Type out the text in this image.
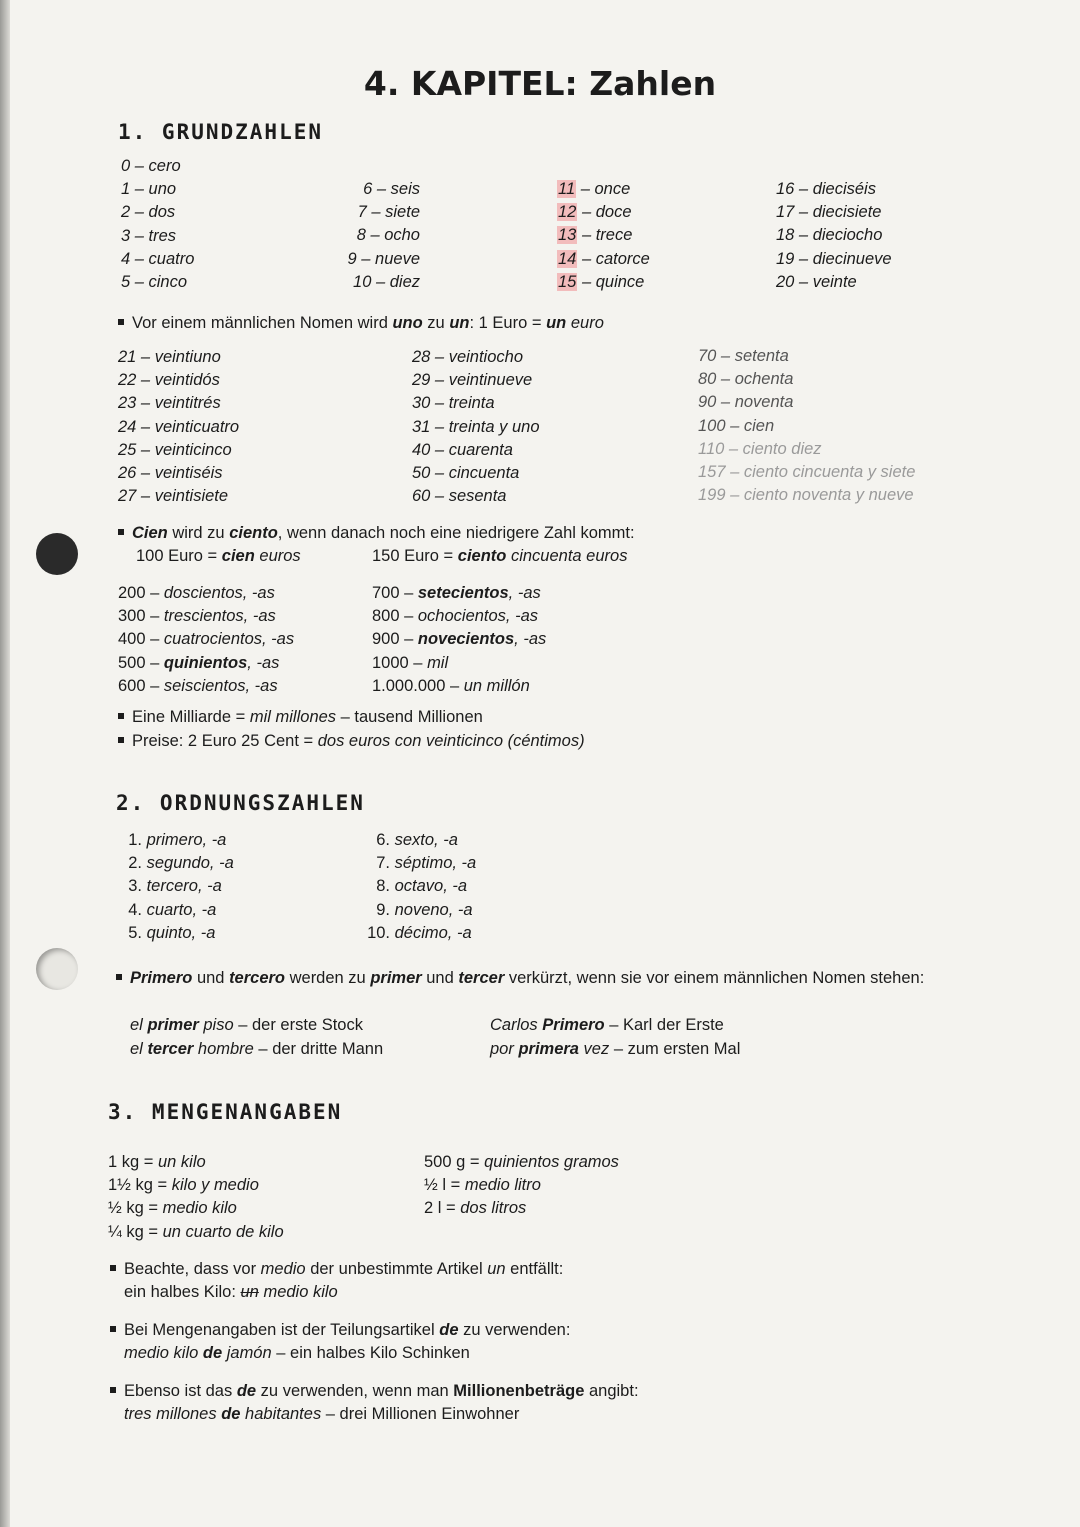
4. KAPITEL: Zahlen
1. GRUNDZAHLEN
0 – cero
1 – uno
2 – dos
3 – tres
4 – cuatro
5 – cinco
6 – seis
7 – siete
8 – ocho
9 – nueve
10 – diez
11 – once
12 – doce
13 – trece
14 – catorce
15 – quince
16 – dieciséis
17 – diecisiete
18 – dieciocho
19 – diecinueve
20 – veinte
Vor einem männlichen Nomen wird uno zu un: 1 Euro = un euro
21 – veintiuno
22 – veintidós
23 – veintitrés
24 – veinticuatro
25 – veinticinco
26 – veintiséis
27 – veintisiete
28 – veintiocho
29 – veintinueve
30 – treinta
31 – treinta y uno
40 – cuarenta
50 – cincuenta
60 – sesenta
70 – setenta
80 – ochenta
90 – noventa
100 – cien
110 – ciento diez
157 – ciento cincuenta y siete
199 – ciento noventa y nueve
Cien wird zu ciento, wenn danach noch eine niedrigere Zahl kommt:
100 Euro = cien euros	150 Euro = ciento cincuenta euros
200 – doscientos, -as
300 – trescientos, -as
400 – cuatrocientos, -as
500 – quinientos, -as
600 – seiscientos, -as
700 – setecientos, -as
800 – ochocientos, -as
900 – novecientos, -as
1000 – mil
1.000.000 – un millón
Eine Milliarde = mil millones – tausend Millionen
Preise: 2 Euro 25 Cent = dos euros con veinticinco (céntimos)
2. ORDNUNGSZAHLEN
1. primero, -a
2. segundo, -a
3. tercero, -a
4. cuarto, -a
5. quinto, -a
6. sexto, -a
7. séptimo, -a
8. octavo, -a
9. noveno, -a
10. décimo, -a
Primero und tercero werden zu primer und tercer verkürzt, wenn sie vor einem männlichen Nomen stehen:
el primer piso – der erste Stock
el tercer hombre – der dritte Mann
Carlos Primero – Karl der Erste
por primera vez – zum ersten Mal
3. MENGENANGABEN
1 kg = un kilo
1½ kg = kilo y medio
½ kg = medio kilo
¼ kg = un cuarto de kilo
500 g = quinientos gramos
½ l = medio litro
2 l = dos litros
Beachte, dass vor medio der unbestimmte Artikel un entfällt:
ein halbes Kilo: un medio kilo
Bei Mengenangaben ist der Teilungsartikel de zu verwenden:
medio kilo de jamón – ein halbes Kilo Schinken
Ebenso ist das de zu verwenden, wenn man Millionenbeträge angibt:
tres millones de habitantes – drei Millionen Einwohner
